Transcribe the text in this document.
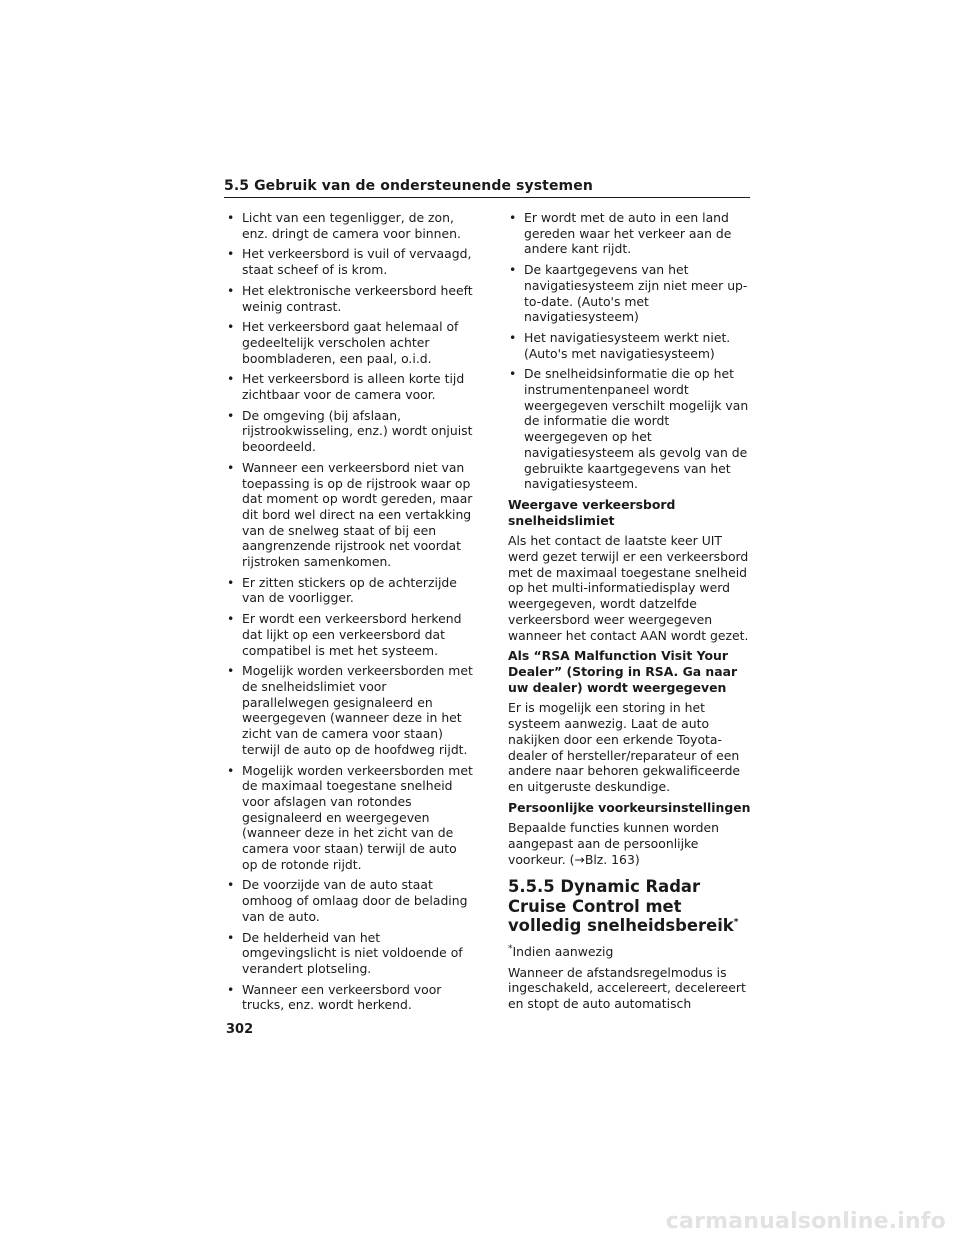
5.5 Gebruik van de ondersteunende systemen
• Licht van een tegenligger, de zon, enz. dringt de camera voor binnen.
• Het verkeersbord is vuil of vervaagd, staat scheef of is krom.
• Het elektronische verkeersbord heeft weinig contrast.
• Het verkeersbord gaat helemaal of gedeeltelijk verscholen achter boombladeren, een paal, o.i.d.
• Het verkeersbord is alleen korte tijd zichtbaar voor de camera voor.
• De omgeving (bij afslaan, rijstrookwisseling, enz.) wordt onjuist beoordeeld.
• Wanneer een verkeersbord niet van toepassing is op de rijstrook waar op dat moment op wordt gereden, maar dit bord wel direct na een vertakking van de snelweg staat of bij een aangrenzende rijstrook net voordat rijstroken samenkomen.
• Er zitten stickers op de achterzijde van de voorligger.
• Er wordt een verkeersbord herkend dat lijkt op een verkeersbord dat compatibel is met het systeem.
• Mogelijk worden verkeersborden met de snelheidslimiet voor parallelwegen gesignaleerd en weergegeven (wanneer deze in het zicht van de camera voor staan) terwijl de auto op de hoofdweg rijdt.
• Mogelijk worden verkeersborden met de maximaal toegestane snelheid voor afslagen van rotondes gesignaleerd en weergegeven (wanneer deze in het zicht van de camera voor staan) terwijl de auto op de rotonde rijdt.
• De voorzijde van de auto staat omhoog of omlaag door de belading van de auto.
• De helderheid van het omgevingslicht is niet voldoende of verandert plotseling.
• Wanneer een verkeersbord voor trucks, enz. wordt herkend.
• Er wordt met de auto in een land gereden waar het verkeer aan de andere kant rijdt.
• De kaartgegevens van het navigatiesysteem zijn niet meer up-to-date. (Auto's met navigatiesysteem)
• Het navigatiesysteem werkt niet. (Auto's met navigatiesysteem)
• De snelheidsinformatie die op het instrumentenpaneel wordt weergegeven verschilt mogelijk van de informatie die wordt weergegeven op het navigatiesysteem als gevolg van de gebruikte kaartgegevens van het navigatiesysteem.
Weergave verkeersbord snelheidslimiet
Als het contact de laatste keer UIT werd gezet terwijl er een verkeersbord met de maximaal toegestane snelheid op het multi-informatiedisplay werd weergegeven, wordt datzelfde verkeersbord weer weergegeven wanneer het contact AAN wordt gezet.
Als “RSA Malfunction Visit Your Dealer” (Storing in RSA. Ga naar uw dealer) wordt weergegeven
Er is mogelijk een storing in het systeem aanwezig. Laat de auto nakijken door een erkende Toyota-dealer of hersteller/reparateur of een andere naar behoren gekwalificeerde en uitgeruste deskundige.
Persoonlijke voorkeursinstellingen
Bepaalde functies kunnen worden aangepast aan de persoonlijke voorkeur. (→Blz. 163)
5.5.5 Dynamic Radar Cruise Control met volledig snelheidsbereik*
*Indien aanwezig
Wanneer de afstandsregelmodus is ingeschakeld, accelereert, decelereert en stopt de auto automatisch
302
carmanualsonline.info
